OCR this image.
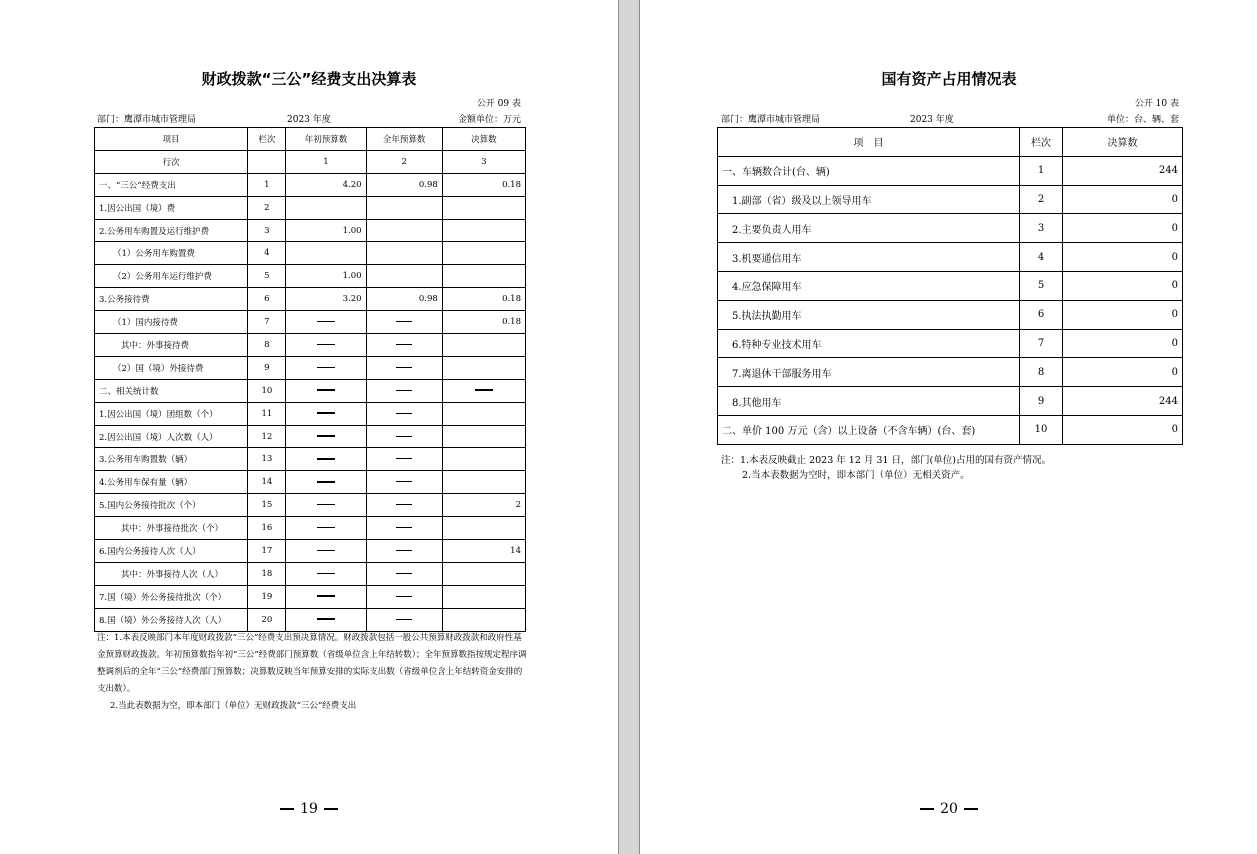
财政拨款“三公”经费支出决算表
公开 09 表
部门：鹰潭市城市管理局	2023 年度	金额单位：万元
项目	栏次	年初预算数	全年预算数	决算数
行次		1	2	3
一、“三公”经费支出	1	4.20	0.98	0.18
1.因公出国（境）费	2			
2.公务用车购置及运行维护费	3	1.00		
（1）公务用车购置费	4			
（2）公务用车运行维护费	5	1.00		
3.公务接待费	6	3.20	0.98	0.18
（1）国内接待费	7			0.18
其中：外事接待费	8			
（2）国（境）外接待费	9			
二、相关统计数	10			
1.因公出国（境）团组数（个）	11			
2.因公出国（境）人次数（人）	12			
3.公务用车购置数（辆）	13			
4.公务用车保有量（辆）	14			
5.国内公务接待批次（个）	15			2
其中：外事接待批次（个）	16			
6.国内公务接待人次（人）	17			14
其中：外事接待人次（人）	18			
7.国（境）外公务接待批次（个）	19			
8.国（境）外公务接待人次（人）	20			
注：1.本表反映部门本年度财政拨款“三公”经费支出预决算情况。财政拨款包括一般公共预算财政拨款和政府性基金预算财政拨款。年初预算数指年初“三公”经费部门预算数（省级单位含上年结转数）；全年预算数指按规定程序调整调剂后的全年“三公”经费部门预算数；决算数反映当年预算安排的实际支出数（省级单位含上年结转资金安排的支出数）。
2.当此表数据为空，即本部门（单位）无财政拨款“三公”经费支出
19
国有资产占用情况表
公开 10 表
部门：鹰潭市城市管理局	2023 年度	单位：台、辆、套
项　目	栏次	决算数
一、车辆数合计(台、辆)	1	244
1.副部（省）级及以上领导用车	2	0
2.主要负责人用车	3	0
3.机要通信用车	4	0
4.应急保障用车	5	0
5.执法执勤用车	6	0
6.特种专业技术用车	7	0
7.离退休干部服务用车	8	0
8.其他用车	9	244
二、单价 100 万元（含）以上设备（不含车辆）(台、套)	10	0
注：1.本表反映截止 2023 年 12 月 31 日，部门(单位)占用的国有资产情况。
2.当本表数据为空时，即本部门（单位）无相关资产。
20
